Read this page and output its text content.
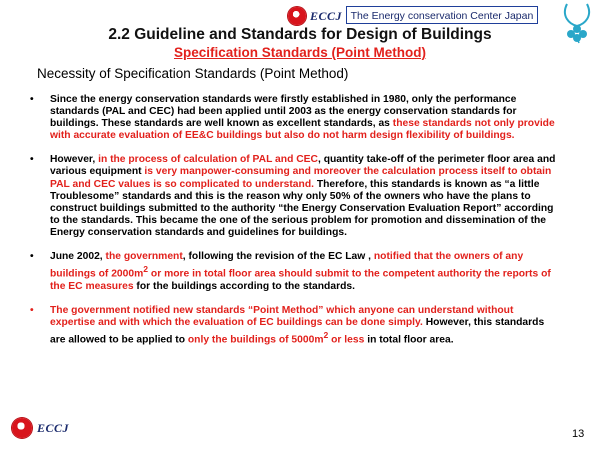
ECCJ The Energy conservation Center Japan
2.2 Guideline and Standards for Design of Buildings
Specification Standards (Point Method)
Necessity of Specification Standards (Point Method)
• Since the energy conservation standards were firstly established in 1980, only the performance standards (PAL and CEC) had been applied until 2003 as the energy conservation standards for buildings. These standards are well known as excellent standards, as these standards not only provide with accurate evaluation of EE&C buildings but also do not harm design flexibility of buildings.
• However, in the process of calculation of PAL and CEC, quantity take-off of the perimeter floor area and various equipment is very manpower-consuming and moreover the calculation process itself to obtain PAL and CEC values is so complicated to understand. Therefore, this standards is known as “a little Troublesome” standards and this is the reason why only 50% of the owners who have the plans to construct buildings submitted to the authority “the Energy Conservation Evaluation Report” according to the standards. This became the one of the serious problem for promotion and dissemination of the Energy conservation standards and guidelines for buildings.
• June 2002, the government, following the revision of the EC Law , notified that the owners of any buildings of $2000m^2$ or more in total floor area should submit to the competent authority the reports of the EC measures for the buildings according to the standards.
• The government notified new standards “Point Method” which anyone can understand without expertise and with which the evaluation of EC buildings can be done simply. However, this standards are allowed to be applied to only the buildings of $5000m^2$ or less in total floor area.
ECCJ	13
